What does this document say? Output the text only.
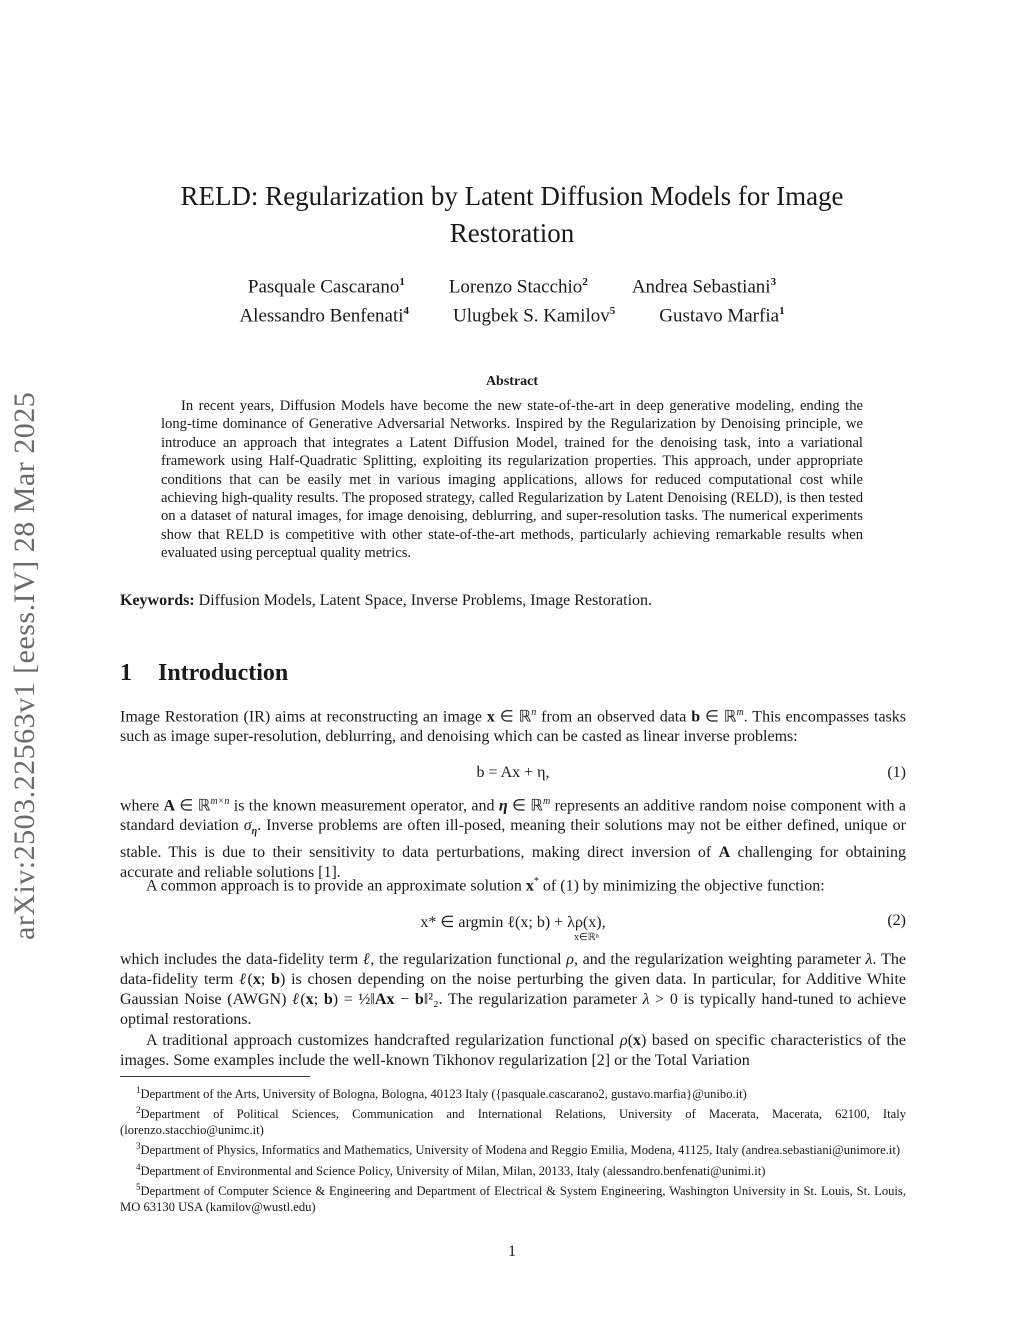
arXiv:2503.22563v1 [eess.IV] 28 Mar 2025
RELD: Regularization by Latent Diffusion Models for Image Restoration
Pasquale Cascarano$^1$ Lorenzo Stacchio$^2$ Andrea Sebastiani$^3$
Alessandro Benfenati$^4$ Ulugbek S. Kamilov$^5$ Gustavo Marfia$^1$
Abstract

In recent years, Diffusion Models have become the new state-of-the-art in deep generative modeling, ending the long-time dominance of Generative Adversarial Networks. Inspired by the Regularization by Denoising principle, we introduce an approach that integrates a Latent Diffusion Model, trained for the denoising task, into a variational framework using Half-Quadratic Splitting, exploiting its regularization properties. This approach, under appropriate conditions that can be easily met in various imaging applications, allows for reduced computational cost while achieving high-quality results. The proposed strategy, called Regularization by Latent Denoising (RELD), is then tested on a dataset of natural images, for image denoising, deblurring, and super-resolution tasks. The numerical experiments show that RELD is competitive with other state-of-the-art methods, particularly achieving remarkable results when evaluated using perceptual quality metrics.

Keywords: Diffusion Models, Latent Space, Inverse Problems, Image Restoration.
1 Introduction

Image Restoration (IR) aims at reconstructing an image x ∈ ℝ$^n$ from an observed data b ∈ ℝ$^m$. This encompasses tasks such as image super-resolution, deblurring, and denoising which can be casted as linear inverse problems:

b = Ax + η,	(1)

where A ∈ ℝ$^{m\times n}$ is the known measurement operator, and η ∈ ℝ$^m$ represents an additive random noise component with a standard deviation $\sigma_\eta$. Inverse problems are often ill-posed, meaning their solutions may not be either defined, unique or stable. This is due to their sensitivity to data perturbations, making direct inversion of A challenging for obtaining accurate and reliable solutions [1].

A common approach is to provide an approximate solution x* of (1) by minimizing the objective function:

x* ∈ argmin ℓ(x; b) + λρ(x),
x∈ℝⁿ
(2)

which includes the data-fidelity term ℓ, the regularization functional ρ, and the regularization weighting parameter λ. The data-fidelity term ℓ(x; b) is chosen depending on the noise perturbing the given data. In particular, for Additive White Gaussian Noise (AWGN) ℓ(x; b) = ½‖Ax − b‖²₂. The regularization parameter λ > 0 is typically hand-tuned to achieve optimal restorations.

A traditional approach customizes handcrafted regularization functional ρ(x) based on specific characteristics of the images. Some examples include the well-known Tikhonov regularization [2] or the Total Variation

$^1$Department of the Arts, University of Bologna, Bologna, 40123 Italy ({pasquale.cascarano2, gustavo.marfia}@unibo.it)

$^2$Department of Political Sciences, Communication and International Relations, University of Macerata, Macerata, 62100, Italy (lorenzo.stacchio@unimc.it)

$^3$Department of Physics, Informatics and Mathematics, University of Modena and Reggio Emilia, Modena, 41125, Italy (andrea.sebastiani@unimore.it)

$^4$Department of Environmental and Science Policy, University of Milan, Milan, 20133, Italy (alessandro.benfenati@unimi.it)

$^5$Department of Computer Science & Engineering and Department of Electrical & System Engineering, Washington University in St. Louis, St. Louis, MO 63130 USA (kamilov@wustl.edu)

1
